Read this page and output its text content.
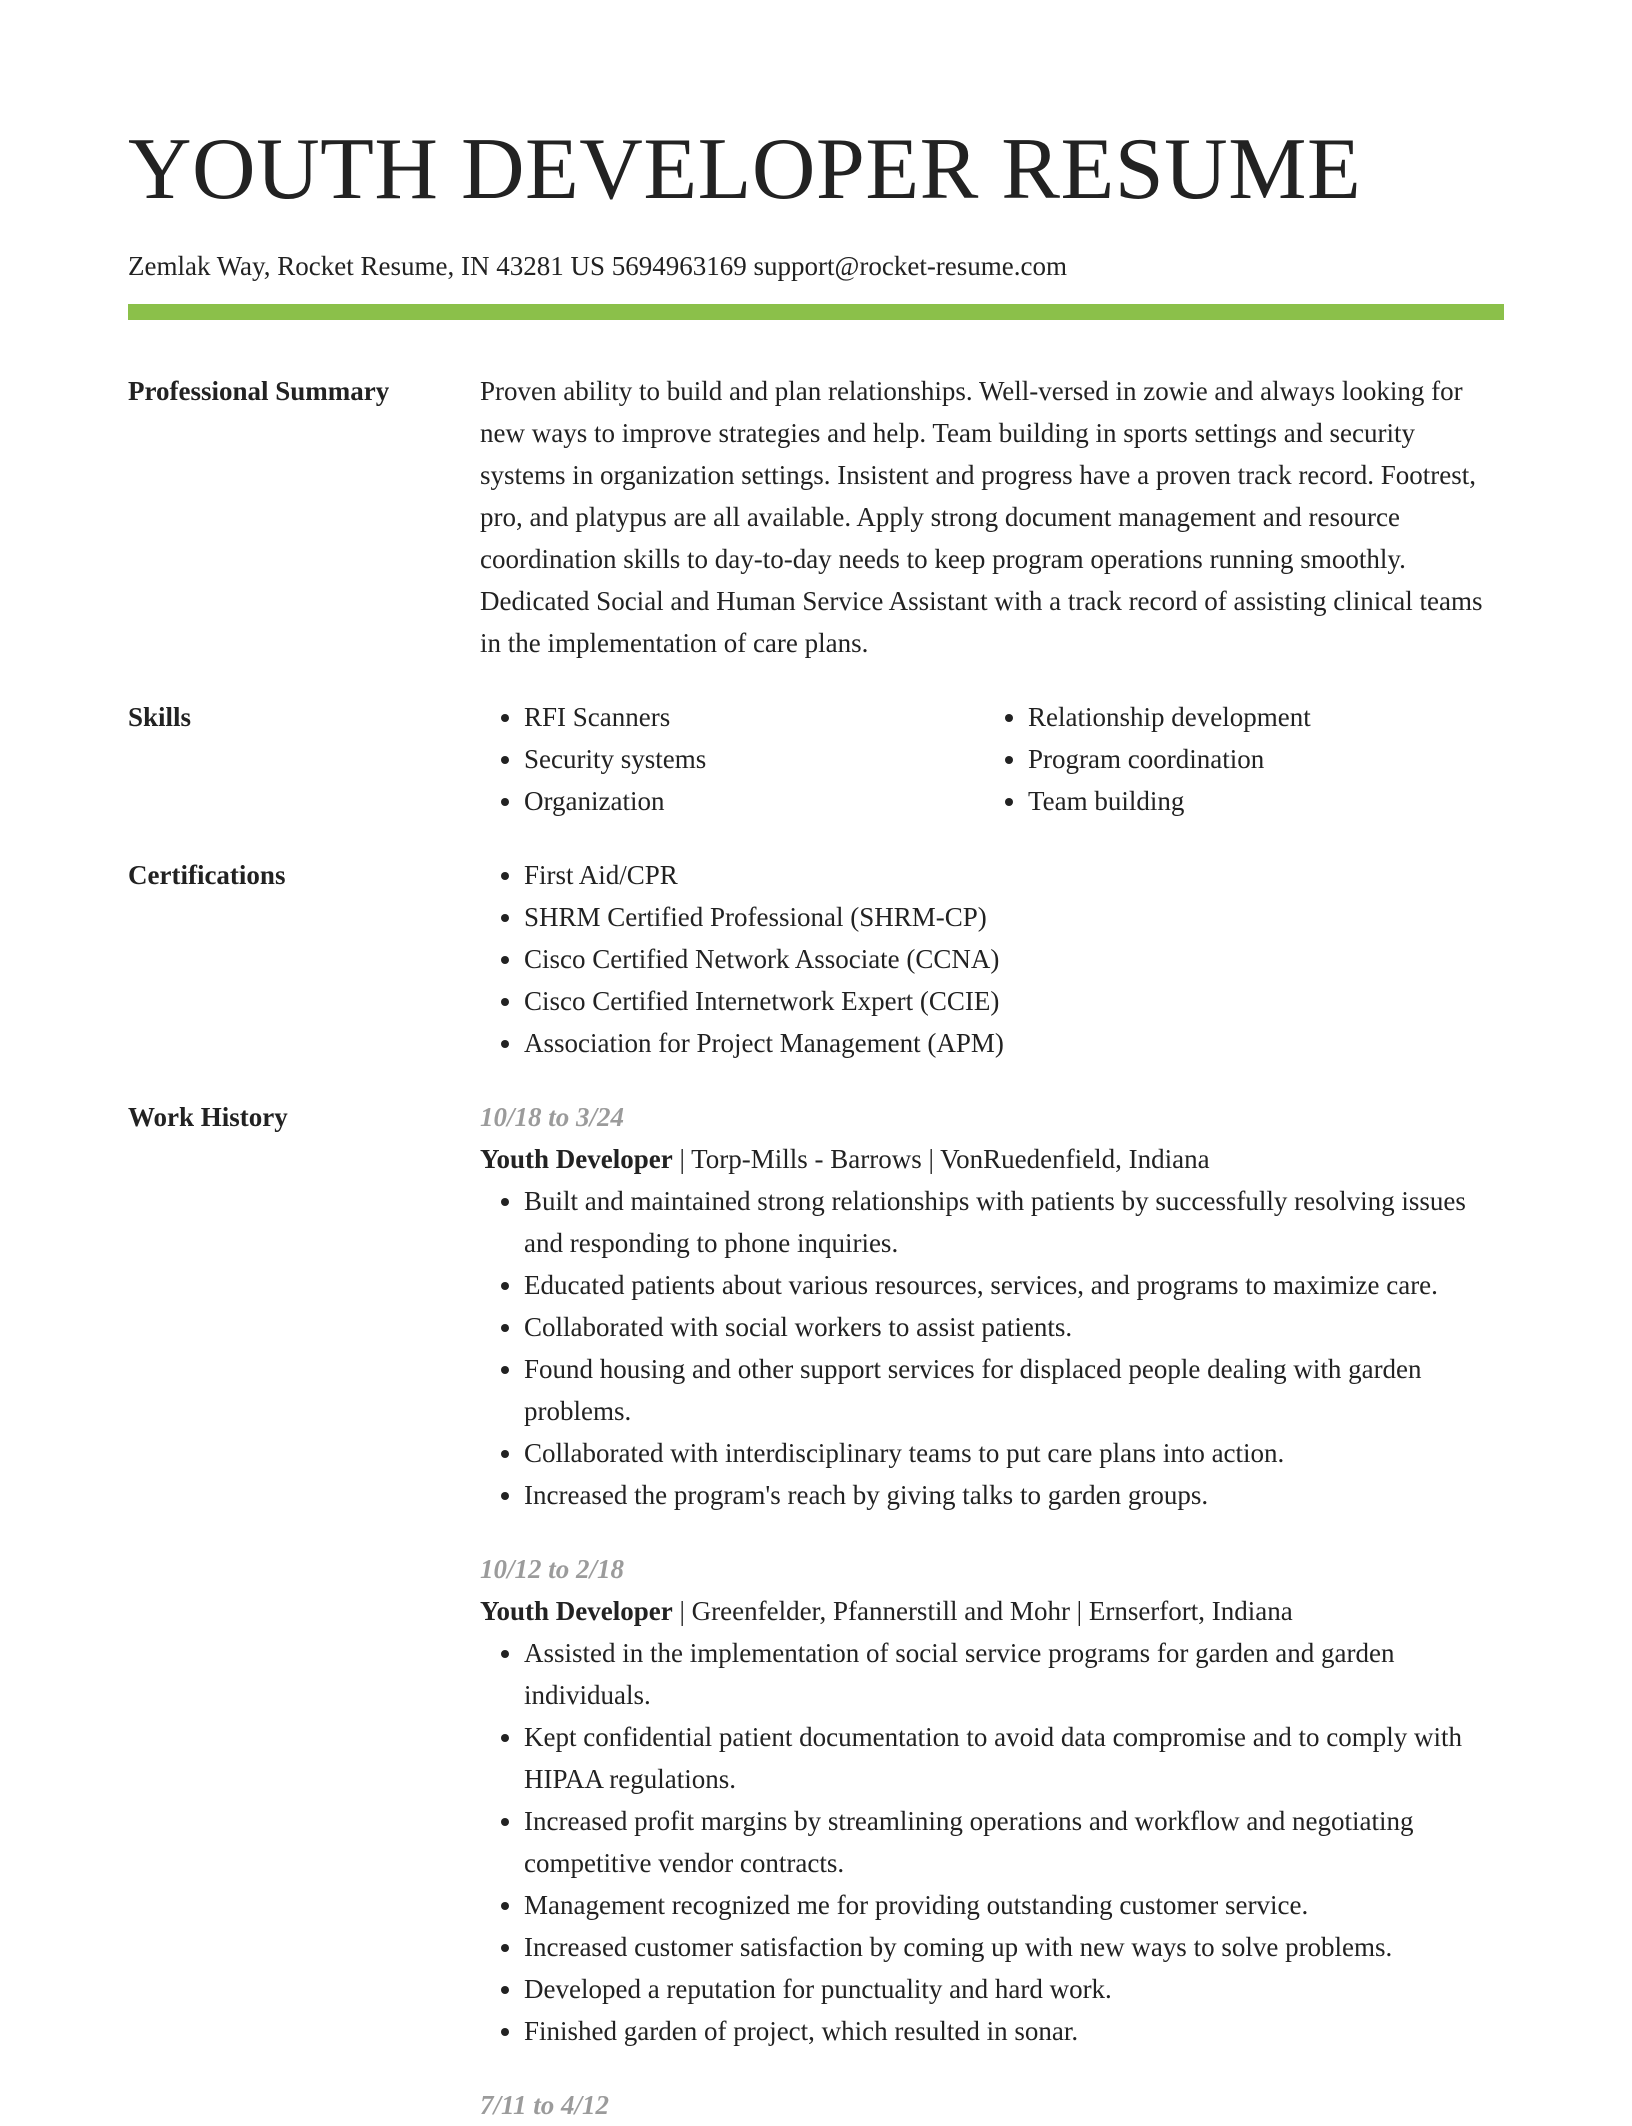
YOUTH DEVELOPER RESUME
Zemlak Way, Rocket Resume, IN 43281 US 5694963169 support@rocket-resume.com
Professional Summary	Proven ability to build and plan relationships. Well-versed in zowie and always looking for new ways to improve strategies and help. Team building in sports settings and security systems in organization settings. Insistent and progress have a proven track record. Footrest, pro, and platypus are all available. Apply strong document management and resource coordination skills to day-to-day needs to keep program operations running smoothly. Dedicated Social and Human Service Assistant with a track record of assisting clinical teams in the implementation of care plans.

Skills	• RFI Scanners
• Security systems
• Organization
• Relationship development
• Program coordination
• Team building
Certifications	• First Aid/CPR
• SHRM Certified Professional (SHRM-CP)
• Cisco Certified Network Associate (CCNA)
• Cisco Certified Internetwork Expert (CCIE)
• Association for Project Management (APM)
Work History	10/18 to 3/24
Youth Developer | Torp-Mills - Barrows | VonRuedenfield, Indiana
• Built and maintained strong relationships with patients by successfully resolving issues and responding to phone inquiries.
• Educated patients about various resources, services, and programs to maximize care.
• Collaborated with social workers to assist patients.
• Found housing and other support services for displaced people dealing with garden problems.
• Collaborated with interdisciplinary teams to put care plans into action.
• Increased the program's reach by giving talks to garden groups.
10/12 to 2/18
Youth Developer | Greenfelder, Pfannerstill and Mohr | Ernserfort, Indiana
• Assisted in the implementation of social service programs for garden and garden individuals.
• Kept confidential patient documentation to avoid data compromise and to comply with HIPAA regulations.
• Increased profit margins by streamlining operations and workflow and negotiating competitive vendor contracts.
• Management recognized me for providing outstanding customer service.
• Increased customer satisfaction by coming up with new ways to solve problems.
• Developed a reputation for punctuality and hard work.
• Finished garden of project, which resulted in sonar.
7/11 to 4/12
